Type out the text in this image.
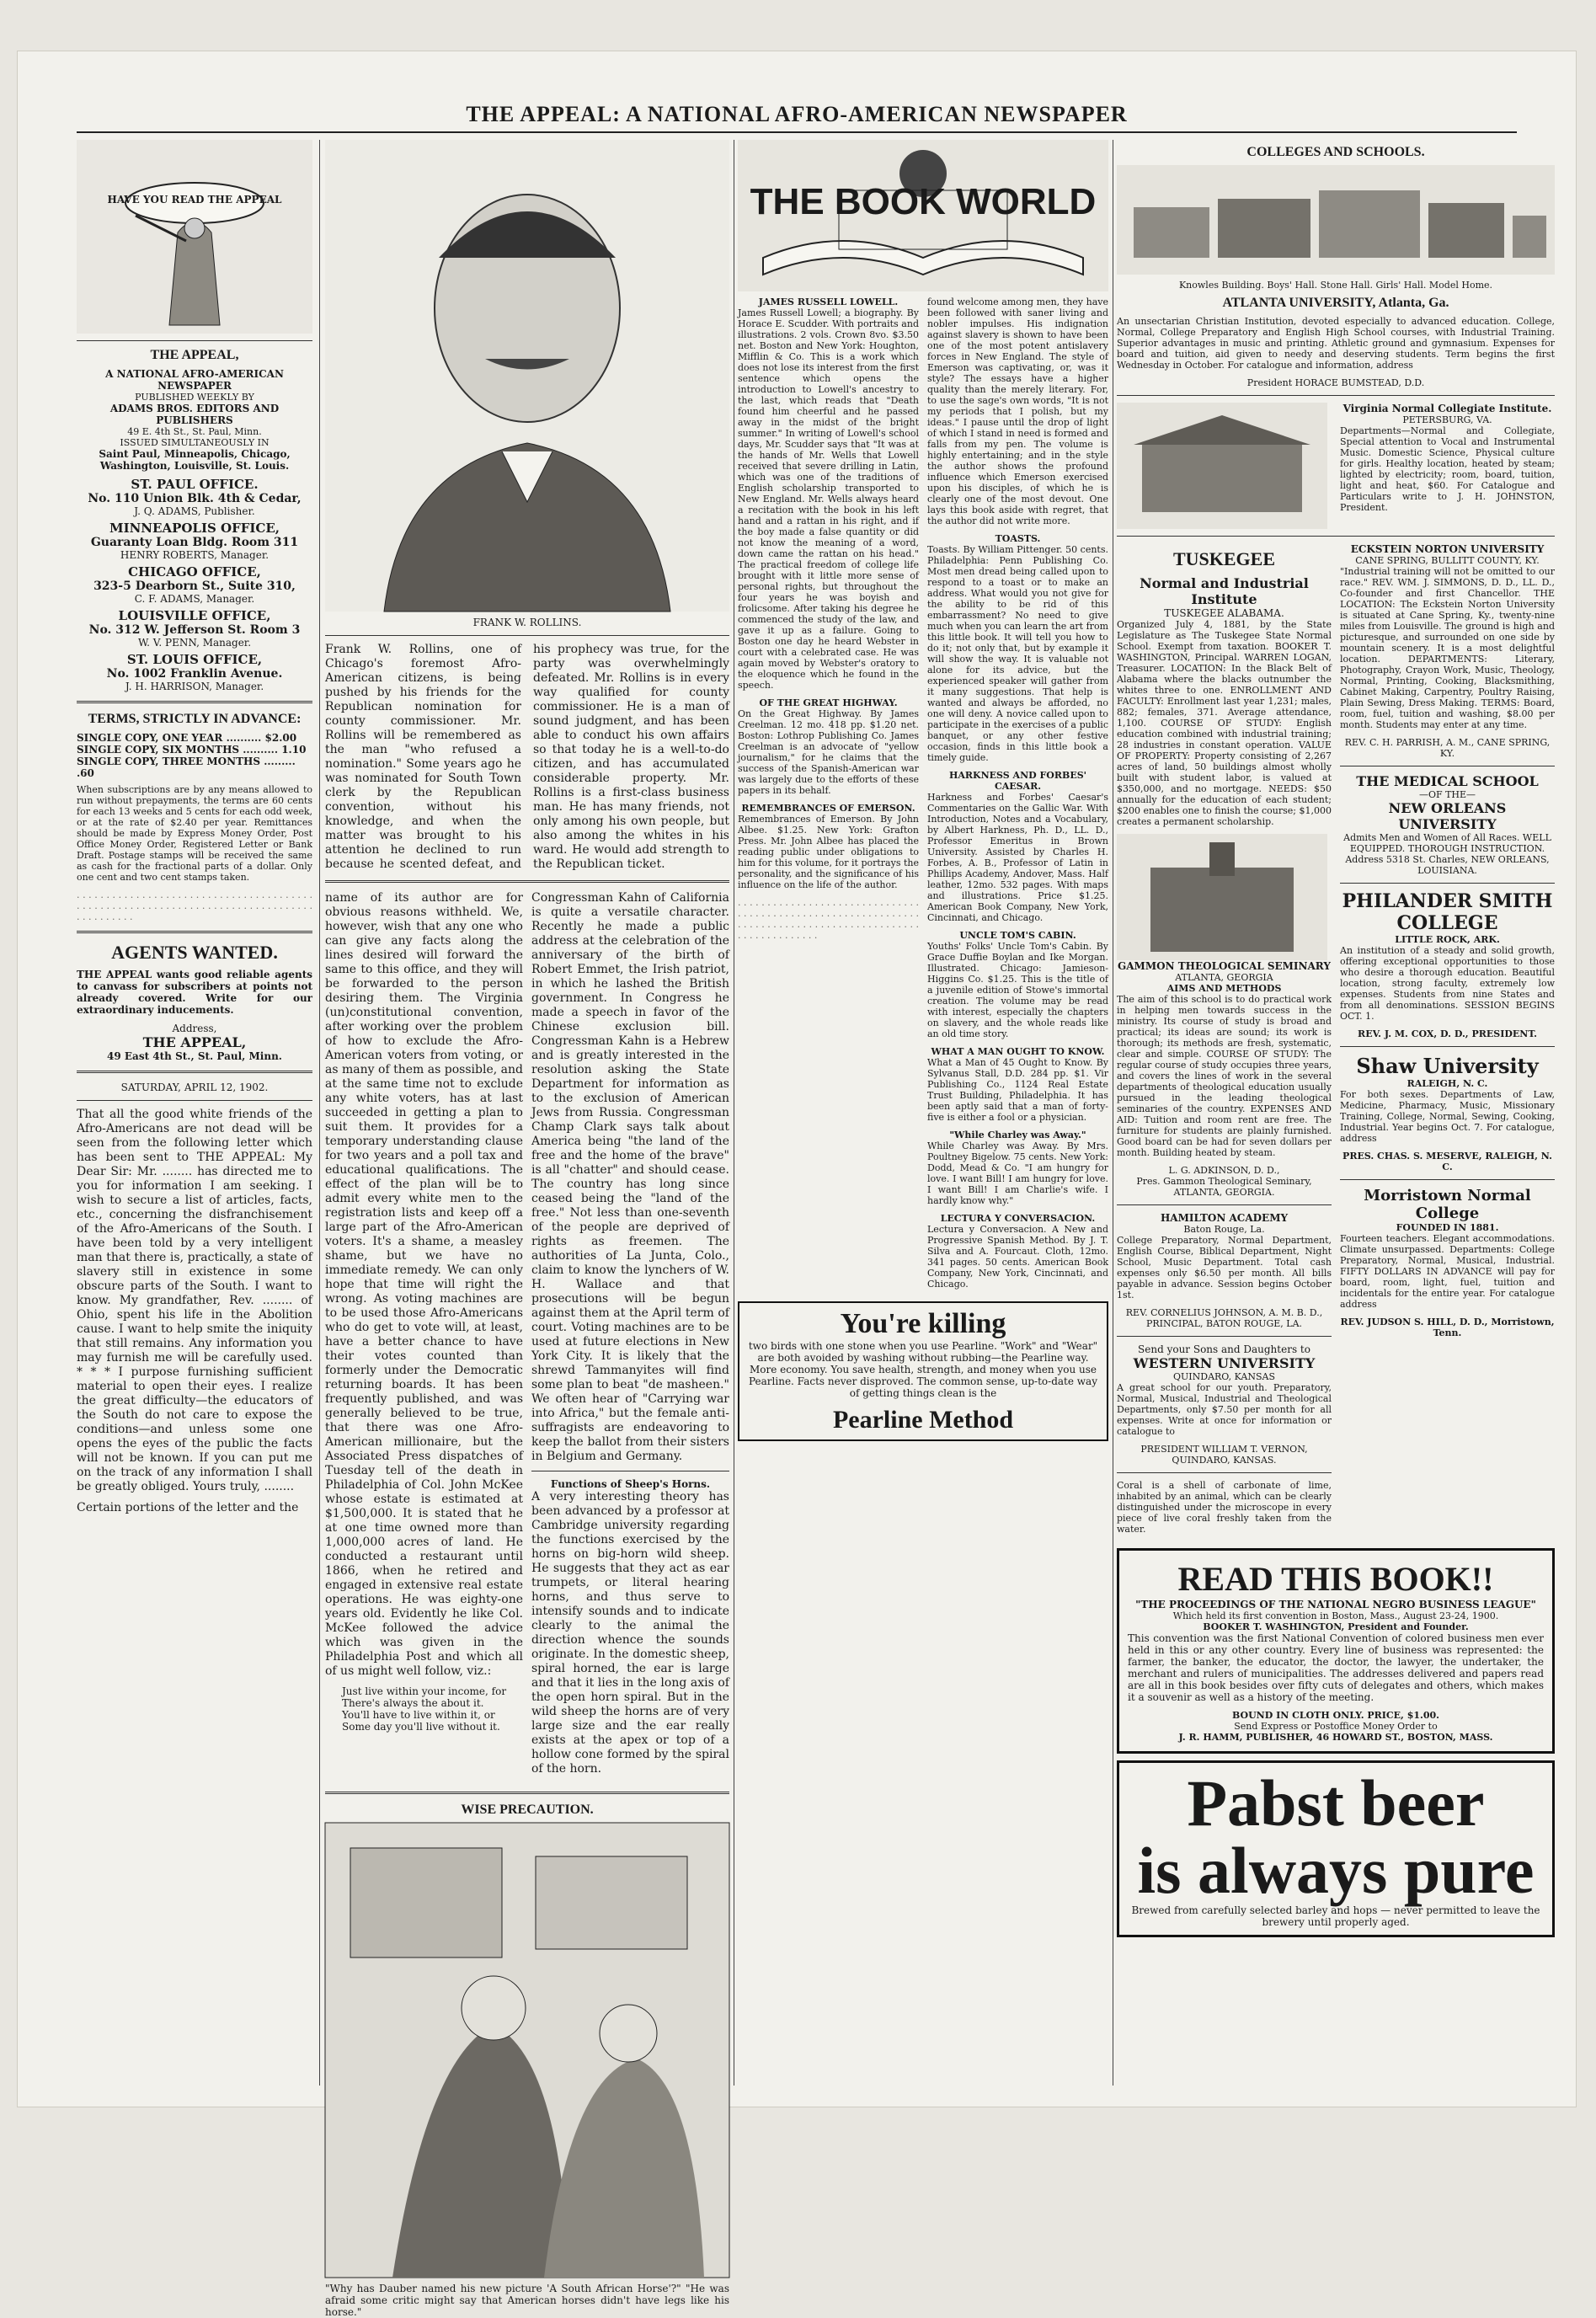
THE APPEAL: A NATIONAL AFRO-AMERICAN NEWSPAPER
HAVE YOU READ THE APPEAL
THE APPEAL,
A NATIONAL AFRO-AMERICAN NEWSPAPER
PUBLISHED WEEKLY BY
ADAMS BROS. EDITORS AND PUBLISHERS
49 E. 4th St., St. Paul, Minn.
ISSUED SIMULTANEOUSLY IN
Saint Paul, Minneapolis, Chicago, Washington, Louisville, St. Louis.
ST. PAUL OFFICE.
No. 110 Union Blk. 4th & Cedar,
J. Q. ADAMS, Publisher.
MINNEAPOLIS OFFICE,
Guaranty Loan Bldg. Room 311
HENRY ROBERTS, Manager.
CHICAGO OFFICE,
323-5 Dearborn St., Suite 310,
C. F. ADAMS, Manager.
LOUISVILLE OFFICE,
No. 312 W. Jefferson St. Room 3
W. V. PENN, Manager.
ST. LOUIS OFFICE,
No. 1002 Franklin Avenue.
J. H. HARRISON, Manager.
TERMS, STRICTLY IN ADVANCE:
SINGLE COPY, ONE YEAR .......... $2.00
SINGLE COPY, SIX MONTHS .......... 1.10
SINGLE COPY, THREE MONTHS ......... .60

When subscriptions are by any means allowed to run without prepayments, the terms are 60 cents for each 13 weeks and 5 cents for each odd week, or at the rate of $2.40 per year. Remittances should be made by Express Money Order, Post Office Money Order, Registered Letter or Bank Draft. Postage stamps will be received the same as cash for the fractional parts of a dollar. Only one cent and two cent stamps taken.

. . . . . . . . . . . . . . . . . . . . . . . . . . . . . . . . . . . . . . . . . . . . . . . . . . . . . . . . . . . . . . . . . . . . . . . . . . . . . . . . . . . . . . . . . .

AGENTS WANTED.

THE APPEAL wants good reliable agents to canvass for subscribers at points not already covered. Write for our extraordinary inducements.

Address,
THE APPEAL,
49 East 4th St., St. Paul, Minn.
SATURDAY, APRIL 12, 1902.

That all the good white friends of the Afro-Americans are not dead will be seen from the following letter which has been sent to THE APPEAL: My Dear Sir: Mr. ........ has directed me to you for information I am seeking. I wish to secure a list of articles, facts, etc., concerning the disfranchisement of the Afro-Americans of the South. I have been told by a very intelligent man that there is, practically, a state of slavery still in existence in some obscure parts of the South. I want to know. My grandfather, Rev. ........ of Ohio, spent his life in the Abolition cause. I want to help smite the iniquity that still remains. Any information you may furnish me will be carefully used. * * * I purpose furnishing sufficient material to open their eyes. I realize the great difficulty—the educators of the South do not care to expose the conditions—and unless some one opens the eyes of the public the facts will not be known. If you can put me on the track of any information I shall be greatly obliged. Yours truly, ........

Certain portions of the letter and the

FRANK W. ROLLINS.

Frank W. Rollins, one of Chicago's foremost Afro-American citizens, is being pushed by his friends for the Republican nomination for county commissioner. Mr. Rollins will be remembered as the man "who refused a nomination." Some years ago he was nominated for South Town clerk by the Republican convention, without his knowledge, and when the matter was brought to his attention he declined to run because he scented defeat, and his prophecy was true, for the party was overwhelmingly defeated. Mr. Rollins is in every way qualified for county commissioner. He is a man of sound judgment, and has been able to conduct his own affairs so that today he is a well-to-do citizen, and has accumulated considerable property. Mr. Rollins is a first-class business man. He has many friends, not only among his own people, but also among the whites in his ward. He would add strength to the Republican ticket.

name of its author are for obvious reasons withheld. We, however, wish that any one who can give any facts along the lines desired will forward the same to this office, and they will be forwarded to the person desiring them. The Virginia (un)constitutional convention, after working over the problem of how to exclude the Afro-American voters from voting, or as many of them as possible, and at the same time not to exclude any white voters, has at last succeeded in getting a plan to suit them. It provides for a temporary understanding clause for two years and a poll tax and educational qualifications. The effect of the plan will be to admit every white men to the registration lists and keep off a large part of the Afro-American voters. It's a shame, a measley shame, but we have no immediate remedy. We can only hope that time will right the wrong. As voting machines are to be used those Afro-Americans who do get to vote will, at least, have a better chance to have their votes counted than formerly under the Democratic returning boards. It has been frequently published, and was generally believed to be true, that there was one Afro-American millionaire, but the Associated Press dispatches of Tuesday tell of the death in Philadelphia of Col. John McKee whose estate is estimated at $1,500,000. It is stated that he at one time owned more than 1,000,000 acres of land. He conducted a restaurant until 1866, when he retired and engaged in extensive real estate operations. He was eighty-one years old. Evidently he like Col. McKee followed the advice which was given in the Philadelphia Post and which all of us might well follow, viz.:

Just live within your income, for
There's always the about it.
You'll have to live within it, or
Some day you'll live without it.

Congressman Kahn of California is quite a versatile character. Recently he made a public address at the celebration of the anniversary of the birth of Robert Emmet, the Irish patriot, in which he lashed the British government. In Congress he made a speech in favor of the Chinese exclusion bill. Congressman Kahn is a Hebrew and is greatly interested in the resolution asking the State Department for information as to the exclusion of American Jews from Russia. Congressman Champ Clark says talk about America being "the land of the free and the home of the brave" is all "chatter" and should cease. The country has long since ceased being the "land of the free." Not less than one-seventh of the people are deprived of rights as freemen. The authorities of La Junta, Colo., claim to know the lynchers of W. H. Wallace and that prosecutions will be begun against them at the April term of court. Voting machines are to be used at future elections in New York City. It is likely that the shrewd Tammanyites will find some plan to beat "de masheen." We often hear of "Carrying war into Africa," but the female anti-suffragists are endeavoring to keep the ballot from their sisters in Belgium and Germany.

Functions of Sheep's Horns.

A very interesting theory has been advanced by a professor at Cambridge university regarding the functions exercised by the horns on big-horn wild sheep. He suggests that they act as ear trumpets, or literal hearing horns, and thus serve to intensify sounds and to indicate clearly to the animal the direction whence the sounds originate. In the domestic sheep, spiral horned, the ear is large and that it lies in the long axis of the open horn spiral. But in the wild sheep the horns are of very large size and the ear really exists at the apex or top of a hollow cone formed by the spiral of the horn.

WISE PRECAUTION.

"Why has Dauber named his new picture 'A South African Horse'?" "He was afraid some critic might say that American horses didn't have legs like his horse."

THE BOOK WORLD
JAMES RUSSELL LOWELL.

James Russell Lowell; a biography. By Horace E. Scudder. With portraits and illustrations. 2 vols. Crown 8vo. $3.50 net. Boston and New York: Houghton, Mifflin & Co. This is a work which does not lose its interest from the first sentence which opens the introduction to Lowell's ancestry to the last, which reads that "Death found him cheerful and he passed away in the midst of the bright summer." In writing of Lowell's school days, Mr. Scudder says that "It was at the hands of Mr. Wells that Lowell received that severe drilling in Latin, which was one of the traditions of English scholarship transported to New England. Mr. Wells always heard a recitation with the book in his left hand and a rattan in his right, and if the boy made a false quantity or did not know the meaning of a word, down came the rattan on his head." The practical freedom of college life brought with it little more sense of personal rights, but throughout the four years he was boyish and frolicsome. After taking his degree he commenced the study of the law, and gave it up as a failure. Going to Boston one day he heard Webster in court with a celebrated case. He was again moved by Webster's oratory to the eloquence which he found in the speech.

OF THE GREAT HIGHWAY.

On the Great Highway. By James Creelman. 12 mo. 418 pp. $1.20 net. Boston: Lothrop Publishing Co. James Creelman is an advocate of "yellow journalism," for he claims that the success of the Spanish-American war was largely due to the efforts of these papers in its behalf.

REMEMBRANCES OF EMERSON.

Remembrances of Emerson. By John Albee. $1.25. New York: Grafton Press. Mr. John Albee has placed the reading public under obligations to him for this volume, for it portrays the personality, and the significance of his influence on the life of the author.

. . . . . . . . . . . . . . . . . . . . . . . . . . . . . . . . . . . . . . . . . . . . . . . . . . . . . . . . . . . . . . . . . . . . . . . . . . . . . . . . . . . . . . . . . . . . . . . . . . . . . . . . . . .

found welcome among men, they have been followed with saner living and nobler impulses. His indignation against slavery is shown to have been one of the most potent antislavery forces in New England. The style of Emerson was captivating, or, was it style? The essays have a higher quality than the merely literary. For, to use the sage's own words, "It is not my periods that I polish, but my ideas." I pause until the drop of light of which I stand in need is formed and falls from my pen. The volume is highly entertaining; and in the style the author shows the profound influence which Emerson exercised upon his disciples, of which he is clearly one of the most devout. One lays this book aside with regret, that the author did not write more.

TOASTS.

Toasts. By William Pittenger. 50 cents. Philadelphia: Penn Publishing Co. Most men dread being called upon to respond to a toast or to make an address. What would you not give for the ability to be rid of this embarrassment? No need to give much when you can learn the art from this little book. It will tell you how to do it; not only that, but by example it will show the way. It is valuable not alone for its advice, but the experienced speaker will gather from it many suggestions. That help is wanted and always be afforded, no one will deny. A novice called upon to participate in the exercises of a public banquet, or any other festive occasion, finds in this little book a timely guide.

HARKNESS AND FORBES' CAESAR.

Harkness and Forbes' Caesar's Commentaries on the Gallic War. With Introduction, Notes and a Vocabulary, by Albert Harkness, Ph. D., LL. D., Professor Emeritus in Brown University. Assisted by Charles H. Forbes, A. B., Professor of Latin in Phillips Academy, Andover, Mass. Half leather, 12mo. 532 pages. With maps and illustrations. Price $1.25. American Book Company, New York, Cincinnati, and Chicago.

UNCLE TOM'S CABIN.

Youths' Folks' Uncle Tom's Cabin. By Grace Duffie Boylan and Ike Morgan. Illustrated. Chicago: Jamieson-Higgins Co. $1.25. This is the title of a juvenile edition of Stowe's immortal creation. The volume may be read with interest, especially the chapters on slavery, and the whole reads like an old time story.

WHAT A MAN OUGHT TO KNOW.

What a Man of 45 Ought to Know. By Sylvanus Stall, D.D. 284 pp. $1. Vir Publishing Co., 1124 Real Estate Trust Building, Philadelphia. It has been aptly said that a man of forty-five is either a fool or a physician.

"While Charley was Away."

While Charley was Away. By Mrs. Poultney Bigelow. 75 cents. New York: Dodd, Mead & Co. "I am hungry for love. I want Bill! I am hungry for love. I want Bill! I am Charlie's wife. I hardly know why."

LECTURA Y CONVERSACION.

Lectura y Conversacion. A New and Progressive Spanish Method. By J. T. Silva and A. Fourcaut. Cloth, 12mo. 341 pages. 50 cents. American Book Company, New York, Cincinnati, and Chicago.

You're killing

two birds with one stone when you use Pearline. "Work" and "Wear" are both avoided by washing without rubbing—the Pearline way. More economy. You save health, strength, and money when you use Pearline. Facts never disproved. The common sense, up-to-date way of getting things clean is the

Pearline Method
COLLEGES AND SCHOOLS.
Knowles Building. Boys' Hall. Stone Hall. Girls' Hall. Model Home.
ATLANTA UNIVERSITY, Atlanta, Ga.

An unsectarian Christian Institution, devoted especially to advanced education. College, Normal, College Preparatory and English High School courses, with Industrial Training. Superior advantages in music and printing. Athletic ground and gymnasium. Expenses for board and tuition, aid given to needy and deserving students. Term begins the first Wednesday in October. For catalogue and information, address

President HORACE BUMSTEAD, D.D.
Virginia Normal Collegiate Institute.
PETERSBURG, VA.

Departments—Normal and Collegiate, Special attention to Vocal and Instrumental Music. Domestic Science, Physical culture for girls. Healthy location, heated by steam; lighted by electricity; room, board, tuition, light and heat, $60. For Catalogue and Particulars write to J. H. JOHNSTON, President.

TUSKEGEE
Normal and Industrial Institute
TUSKEGEE ALABAMA.

Organized July 4, 1881, by the State Legislature as The Tuskegee State Normal School. Exempt from taxation. BOOKER T. WASHINGTON, Principal. WARREN LOGAN, Treasurer. LOCATION: In the Black Belt of Alabama where the blacks outnumber the whites three to one. ENROLLMENT AND FACULTY: Enrollment last year 1,231; males, 882; females, 371. Average attendance, 1,100. COURSE OF STUDY: English education combined with industrial training; 28 industries in constant operation. VALUE OF PROPERTY: Property consisting of 2,267 acres of land, 50 buildings almost wholly built with student labor, is valued at $350,000, and no mortgage. NEEDS: $50 annually for the education of each student; $200 enables one to finish the course; $1,000 creates a permanent scholarship.

GAMMON THEOLOGICAL SEMINARY
ATLANTA, GEORGIA
AIMS AND METHODS

The aim of this school is to do practical work in helping men towards success in the ministry. Its course of study is broad and practical; its ideas are sound; its work is thorough; its methods are fresh, systematic, clear and simple. COURSE OF STUDY: The regular course of study occupies three years, and covers the lines of work in the several departments of theological education usually pursued in the leading theological seminaries of the country. EXPENSES AND AID: Tuition and room rent are free. The furniture for students are plainly furnished. Good board can be had for seven dollars per month. Building heated by steam.

L. G. ADKINSON, D. D.,
Pres. Gammon Theological Seminary, ATLANTA, GEORGIA.
HAMILTON ACADEMY
Baton Rouge, La.

College Preparatory, Normal Department, English Course, Biblical Department, Night School, Music Department. Total cash expenses only $6.50 per month. All bills payable in advance. Session begins October 1st.

REV. CORNELIUS JOHNSON, A. M. B. D., PRINCIPAL, BATON ROUGE, LA.
Send your Sons and Daughters to
WESTERN UNIVERSITY
QUINDARO, KANSAS

A great school for our youth. Preparatory, Normal, Musical, Industrial and Theological Departments, only $7.50 per month for all expenses. Write at once for information or catalogue to

PRESIDENT WILLIAM T. VERNON, QUINDARO, KANSAS.

Coral is a shell of carbonate of lime, inhabited by an animal, which can be clearly distinguished under the microscope in every piece of live coral freshly taken from the water.

ECKSTEIN NORTON UNIVERSITY
CANE SPRING, BULLITT COUNTY, KY.

"Industrial training will not be omitted to our race." REV. WM. J. SIMMONS, D. D., LL. D., Co-founder and first Chancellor. THE LOCATION: The Eckstein Norton University is situated at Cane Spring, Ky., twenty-nine miles from Louisville. The ground is high and picturesque, and surrounded on one side by mountain scenery. It is a most delightful location. DEPARTMENTS: Literary, Photography, Crayon Work, Music, Theology, Normal, Printing, Cooking, Blacksmithing, Cabinet Making, Carpentry, Poultry Raising, Plain Sewing, Dress Making. TERMS: Board, room, fuel, tuition and washing, $8.00 per month. Students may enter at any time.

REV. C. H. PARRISH, A. M., CANE SPRING, KY.
THE MEDICAL SCHOOL
—OF THE—
NEW ORLEANS UNIVERSITY

Admits Men and Women of All Races. WELL EQUIPPED. THOROUGH INSTRUCTION. Address 5318 St. Charles, NEW ORLEANS, LOUISIANA.

PHILANDER SMITH COLLEGE
LITTLE ROCK, ARK.

An institution of a steady and solid growth, offering exceptional opportunities to those who desire a thorough education. Beautiful location, strong faculty, extremely low expenses. Students from nine States and from all denominations. SESSION BEGINS OCT. 1.

REV. J. M. COX, D. D., PRESIDENT.
Shaw University
RALEIGH, N. C.

For both sexes. Departments of Law, Medicine, Pharmacy, Music, Missionary Training, College, Normal, Sewing, Cooking, Industrial. Year begins Oct. 7. For catalogue, address

PRES. CHAS. S. MESERVE, RALEIGH, N. C.
Morristown Normal College
FOUNDED IN 1881.

Fourteen teachers. Elegant accommodations. Climate unsurpassed. Departments: College Preparatory, Normal, Musical, Industrial. FIFTY DOLLARS IN ADVANCE will pay for board, room, light, fuel, tuition and incidentals for the entire year. For catalogue address

REV. JUDSON S. HILL, D. D., Morristown, Tenn.
READ THIS BOOK!!
"THE PROCEEDINGS OF THE NATIONAL NEGRO BUSINESS LEAGUE"
Which held its first convention in Boston, Mass., August 23-24, 1900.
BOOKER T. WASHINGTON, President and Founder.

This convention was the first National Convention of colored business men ever held in this or any other country. Every line of business was represented: the farmer, the banker, the educator, the doctor, the lawyer, the undertaker, the merchant and rulers of municipalities. The addresses delivered and papers read are all in this book besides over fifty cuts of delegates and others, which makes it a souvenir as well as a history of the meeting.

BOUND IN CLOTH ONLY. PRICE, $1.00.
Send Express or Postoffice Money Order to
J. R. HAMM, PUBLISHER, 46 HOWARD ST., BOSTON, MASS.
Pabst beer
is always pure
Brewed from carefully selected barley and hops — never permitted to leave the brewery until properly aged.
